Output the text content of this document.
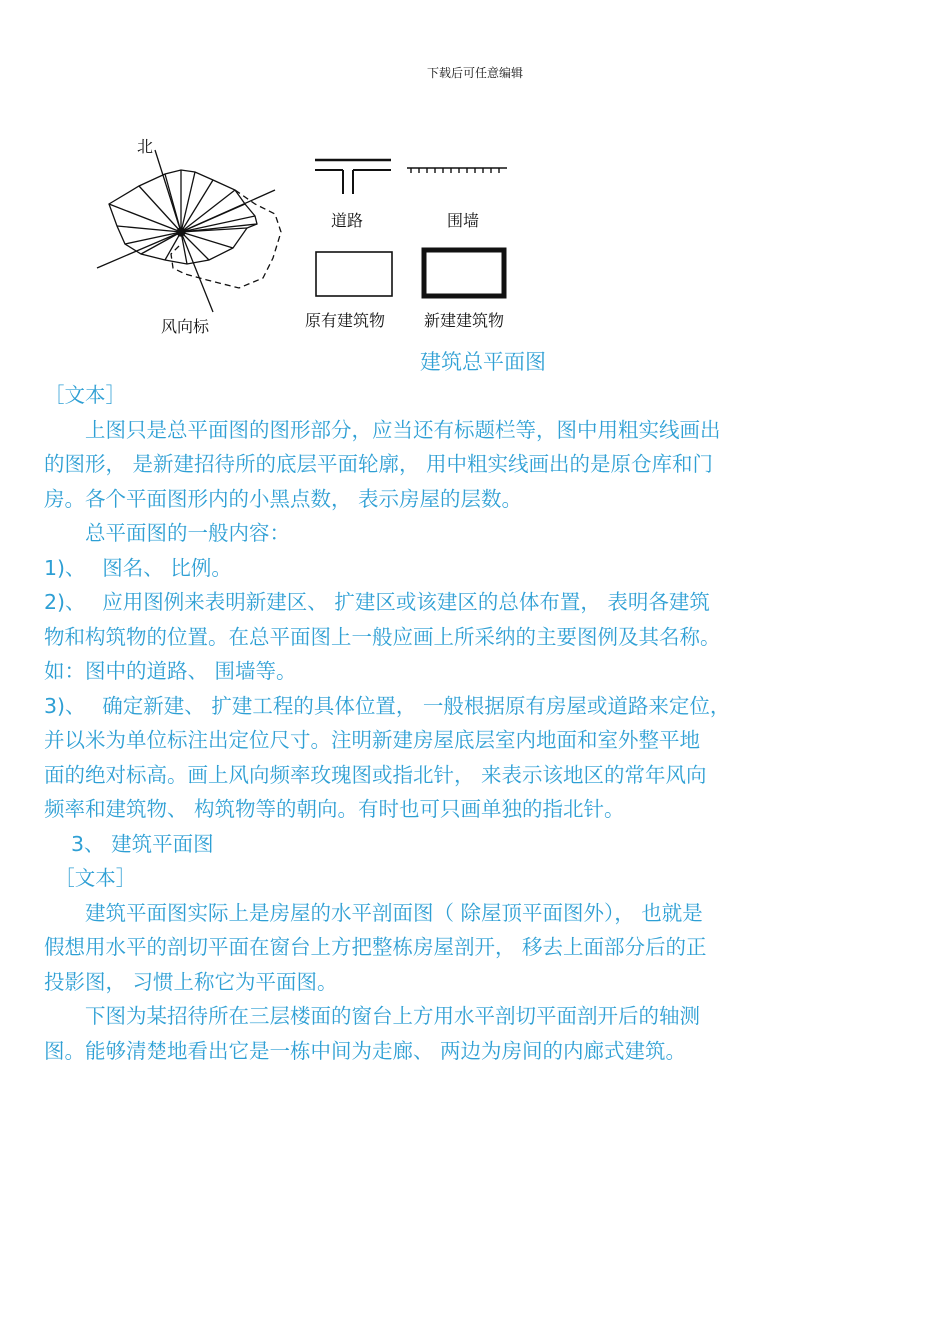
下载后可任意编辑
北
风向标
道路	围墙
原有建筑物 新建建筑物
建筑总平面图

［文本］

　　上图只是总平面图的图形部分，应当还有标题栏等，图中用粗实线画出

的图形， 是新建招待所的底层平面轮廓， 用中粗实线画出的是原仓库和门

房。各个平面图形内的小黑点数， 表示房屋的层数。

　　总平面图的一般内容：

1)、　 图名、 比例。

2)、　 应用图例来表明新建区、 扩建区或该建区的总体布置， 表明各建筑

物和构筑物的位置。在总平面图上一般应画上所采纳的主要图例及其名称。

如：图中的道路、 围墙等。

3)、　 确定新建、 扩建工程的具体位置， 一般根据原有房屋或道路来定位，

并以米为单位标注出定位尺寸。注明新建房屋底层室内地面和室外整平地

面的绝对标高。画上风向频率玫瑰图或指北针， 来表示该地区的常年风向

频率和建筑物、 构筑物等的朝向。有时也可只画单独的指北针。

　 3、 建筑平面图

　［文本］

　　建筑平面图实际上是房屋的水平剖面图（ 除屋顶平面图外）， 也就是

假想用水平的剖切平面在窗台上方把整栋房屋剖开， 移去上面部分后的正

投影图， 习惯上称它为平面图。

　　下图为某招待所在三层楼面的窗台上方用水平剖切平面剖开后的轴测

图。能够清楚地看出它是一栋中间为走廊、 两边为房间的内廊式建筑。
